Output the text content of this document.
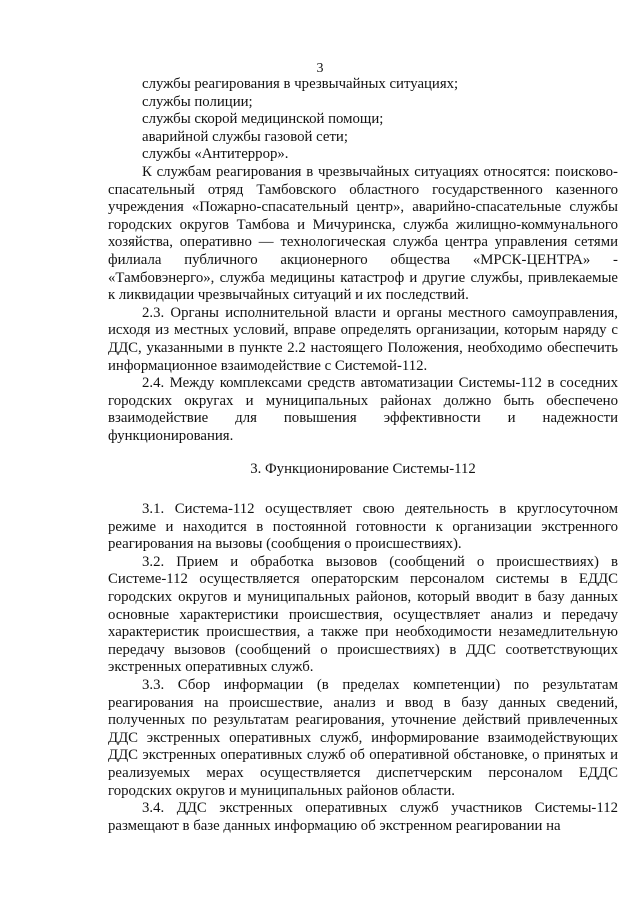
3

службы реагирования в чрезвычайных ситуациях;

службы полиции;

службы скорой медицинской помощи;

аварийной службы газовой сети;

службы «Антитеррор».

К службам реагирования в чрезвычайных ситуациях относятся: поисково-спасательный отряд Тамбовского областного государственного казенного учреждения «Пожарно-спасательный центр», аварийно-спасательные службы городских округов Тамбова и Мичуринска, служба жилищно-коммунального хозяйства, оперативно — технологическая служба центра управления сетями филиала публичного акционерного общества «МРСК-ЦЕНТРА» - «Тамбовэнерго», служба медицины катастроф и другие службы, привлекаемые к ликвидации чрезвычайных ситуаций и их последствий.

2.3. Органы исполнительной власти и органы местного самоуправления, исходя из местных условий, вправе определять организации, которым наряду с ДДС, указанными в пункте 2.2 настоящего Положения, необходимо обеспечить информационное взаимодействие с Системой-112.

2.4. Между комплексами средств автоматизации Системы-112 в соседних городских округах и муниципальных районах должно быть обеспечено взаимодействие для повышения эффективности и надежности функционирования.

3. Функционирование Системы-112

3.1. Система-112 осуществляет свою деятельность в круглосуточном режиме и находится в постоянной готовности к организации экстренного реагирования на вызовы (сообщения о происшествиях).

3.2. Прием и обработка вызовов (сообщений о происшествиях) в Системе-112 осуществляется операторским персоналом системы в ЕДДС городских округов и муниципальных районов, который вводит в базу данных основные характеристики происшествия, осуществляет анализ и передачу характеристик происшествия, а также при необходимости незамедлительную передачу вызовов (сообщений о происшествиях) в ДДС соответствующих экстренных оперативных служб.

3.3. Сбор информации (в пределах компетенции) по результатам реагирования на происшествие, анализ и ввод в базу данных сведений, полученных по результатам реагирования, уточнение действий привлеченных ДДС экстренных оперативных служб, информирование взаимодействующих ДДС экстренных оперативных служб об оперативной обстановке, о принятых и реализуемых мерах осуществляется диспетчерским персоналом ЕДДС городских округов и муниципальных районов области.

3.4. ДДС экстренных оперативных служб участников Системы-112 размещают в базе данных информацию об экстренном реагировании на
